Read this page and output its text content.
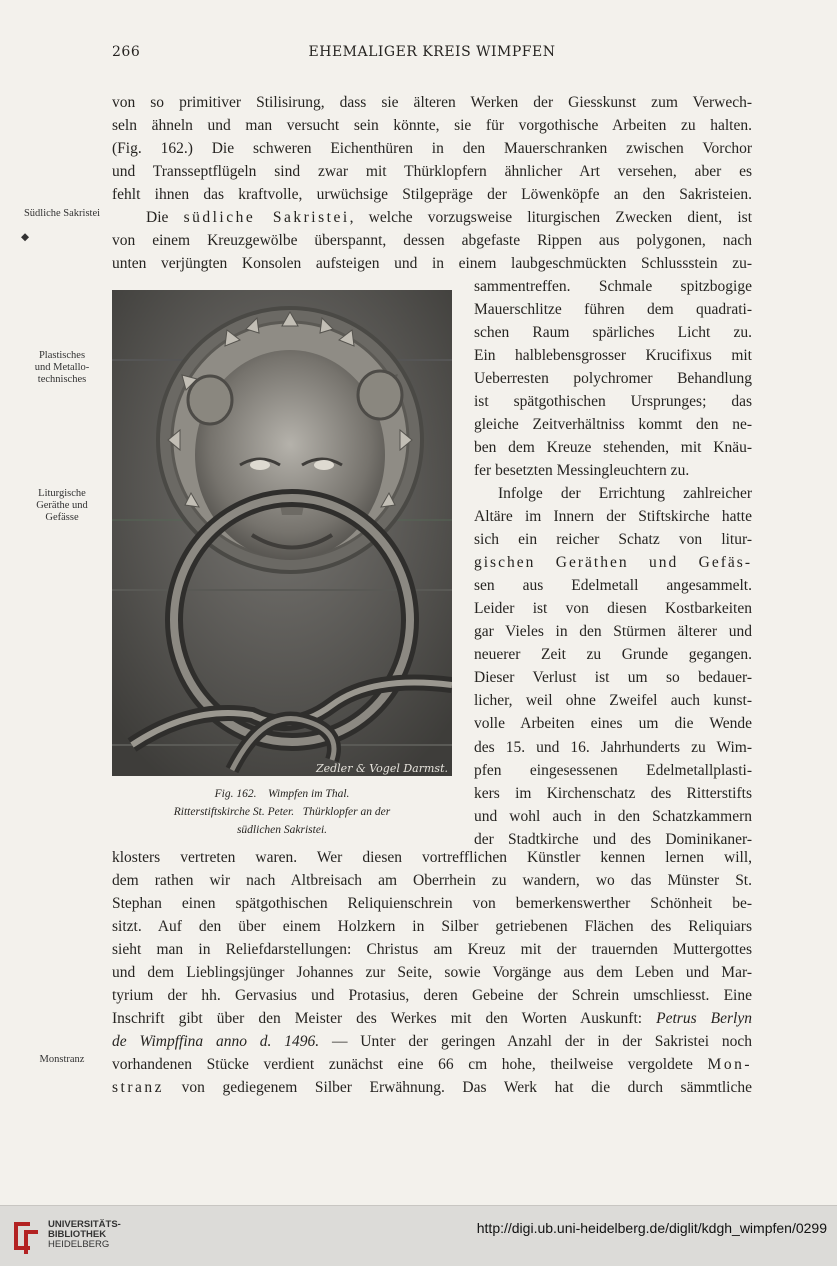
266	EHEMALIGER KREIS WIMPFEN
von so primitiver Stilisirung, dass sie älteren Werken der Giesskunst zum Verwech-
seln ähneln und man versucht sein könnte, sie für vorgothische Arbeiten zu halten.
(Fig. 162.) Die schweren Eichenthüren in den Mauerschranken zwischen Vorchor
und Transseptflügeln sind zwar mit Thürklopfern ähnlicher Art versehen, aber es
fehlt ihnen das kraftvolle, urwüchsige Stilgepräge der Löwenköpfe an den Sakristeien.
Die südliche Sakristei, welche vorzugsweise liturgischen Zwecken dient, ist
von einem Kreuzgewölbe überspannt, dessen abgefaste Rippen aus polygonen, nach
unten verjüngten Konsolen aufsteigen und in einem laubgeschmückten Schlussstein zu-
Südliche Sakristei
◆
Plastisches
und Metallo-
technisches
Liturgische
Geräthe und
Gefässe
Monstranz
Zedler & Vogel Darmst.
Fig. 162.    Wimpfen im Thal.
Ritterstiftskirche St. Peter.   Thürklopfer an der
südlichen Sakristei.
sammentreffen. Schmale spitzbogige
Mauerschlitze führen dem quadrati-
schen Raum spärliches Licht zu.
Ein halblebensgrosser Krucifixus mit
Ueberresten polychromer Behandlung
ist spätgothischen Ursprunges; das
gleiche Zeitverhältniss kommt den ne-
ben dem Kreuze stehenden, mit Knäu-
fer besetzten Messingleuchtern zu.
Infolge der Errichtung zahlreicher
Altäre im Innern der Stiftskirche hatte
sich ein reicher Schatz von litur-
gischen Geräthen und Gefäs-
sen aus Edelmetall angesammelt.
Leider ist von diesen Kostbarkeiten
gar Vieles in den Stürmen älterer und
neuerer Zeit zu Grunde gegangen.
Dieser Verlust ist um so bedauer-
licher, weil ohne Zweifel auch kunst-
volle Arbeiten eines um die Wende
des 15. und 16. Jahrhunderts zu Wim-
pfen eingesessenen Edelmetallplasti-
kers im Kirchenschatz des Ritterstifts
und wohl auch in den Schatzkammern
der Stadtkirche und des Dominikaner-
klosters vertreten waren. Wer diesen vortrefflichen Künstler kennen lernen will,
dem rathen wir nach Altbreisach am Oberrhein zu wandern, wo das Münster St.
Stephan einen spätgothischen Reliquienschrein von bemerkenswerther Schönheit be-
sitzt. Auf den über einem Holzkern in Silber getriebenen Flächen des Reliquiars
sieht man in Reliefdarstellungen: Christus am Kreuz mit der trauernden Muttergottes
und dem Lieblingsjünger Johannes zur Seite, sowie Vorgänge aus dem Leben und Mar-
tyrium der hh. Gervasius und Protasius, deren Gebeine der Schrein umschliesst. Eine
Inschrift gibt über den Meister des Werkes mit den Worten Auskunft: Petrus Berlyn
de Wimpffina anno d. 1496. — Unter der geringen Anzahl der in der Sakristei noch
vorhandenen Stücke verdient zunächst eine 66 cm hohe, theilweise vergoldete Mon-
stranz von gediegenem Silber Erwähnung. Das Werk hat die durch sämmtliche
UNIVERSITÄTS-
BIBLIOTHEK
HEIDELBERG
http://digi.ub.uni-heidelberg.de/diglit/kdgh_wimpfen/0299
